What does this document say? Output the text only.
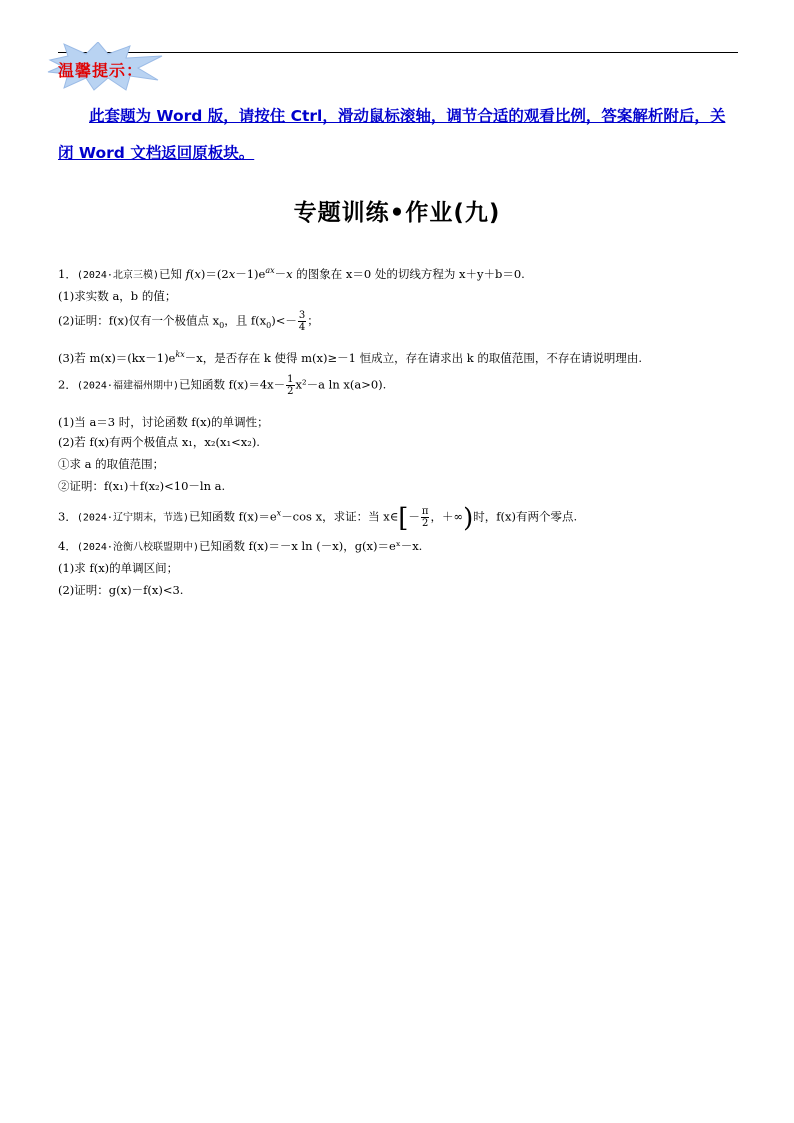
温馨提示：
此套题为 Word 版，请按住 Ctrl，滑动鼠标滚轴，调节合适的观看比例，答案解析附后，关闭 Word 文档返回原板块。
专题训练•作业(九)
1．(2024·北京三模)已知 $f(x)=(2x-1)e^{ax}-x$ 的图象在 x＝0 处的切线方程为 x＋y＋b＝0.
(1)求实数 a，b 的值；
(2)证明：f(x)仅有一个极值点 $x_0$，且 $f(x_0)<- \frac{3}{4}$ ；
(3)若 $m(x)=(kx-1)e^{kx}-x$，是否存在 k 使得 m(x)≥－1 恒成立，存在请求出 k 的取值范围，不存在请说明理由.
2．(2024·福建福州期中)已知函数 $f(x)=4x- \frac{1}{2} x^2-a$ ln x(a>0).
(1)当 a＝3 时，讨论函数 f(x)的单调性；
(2)若 f(x)有两个极值点 x₁，x₂(x₁<x₂).
①求 a 的取值范围；
②证明：f(x₁)＋f(x₂)<10－ln a.
3．(2024·辽宁期末，节选)已知函数 $f(x)=e^x-\cos$ x，求证：当 x∈[－ $\frac{\pi}{2}$ ，＋∞)时，f(x)有两个零点.
4．(2024·沧衡八校联盟期中)已知函数 f(x)＝－x ln (－x)，g(x)＝eˣ－x.
(1)求 f(x)的单调区间；
(2)证明：g(x)－f(x)<3.
